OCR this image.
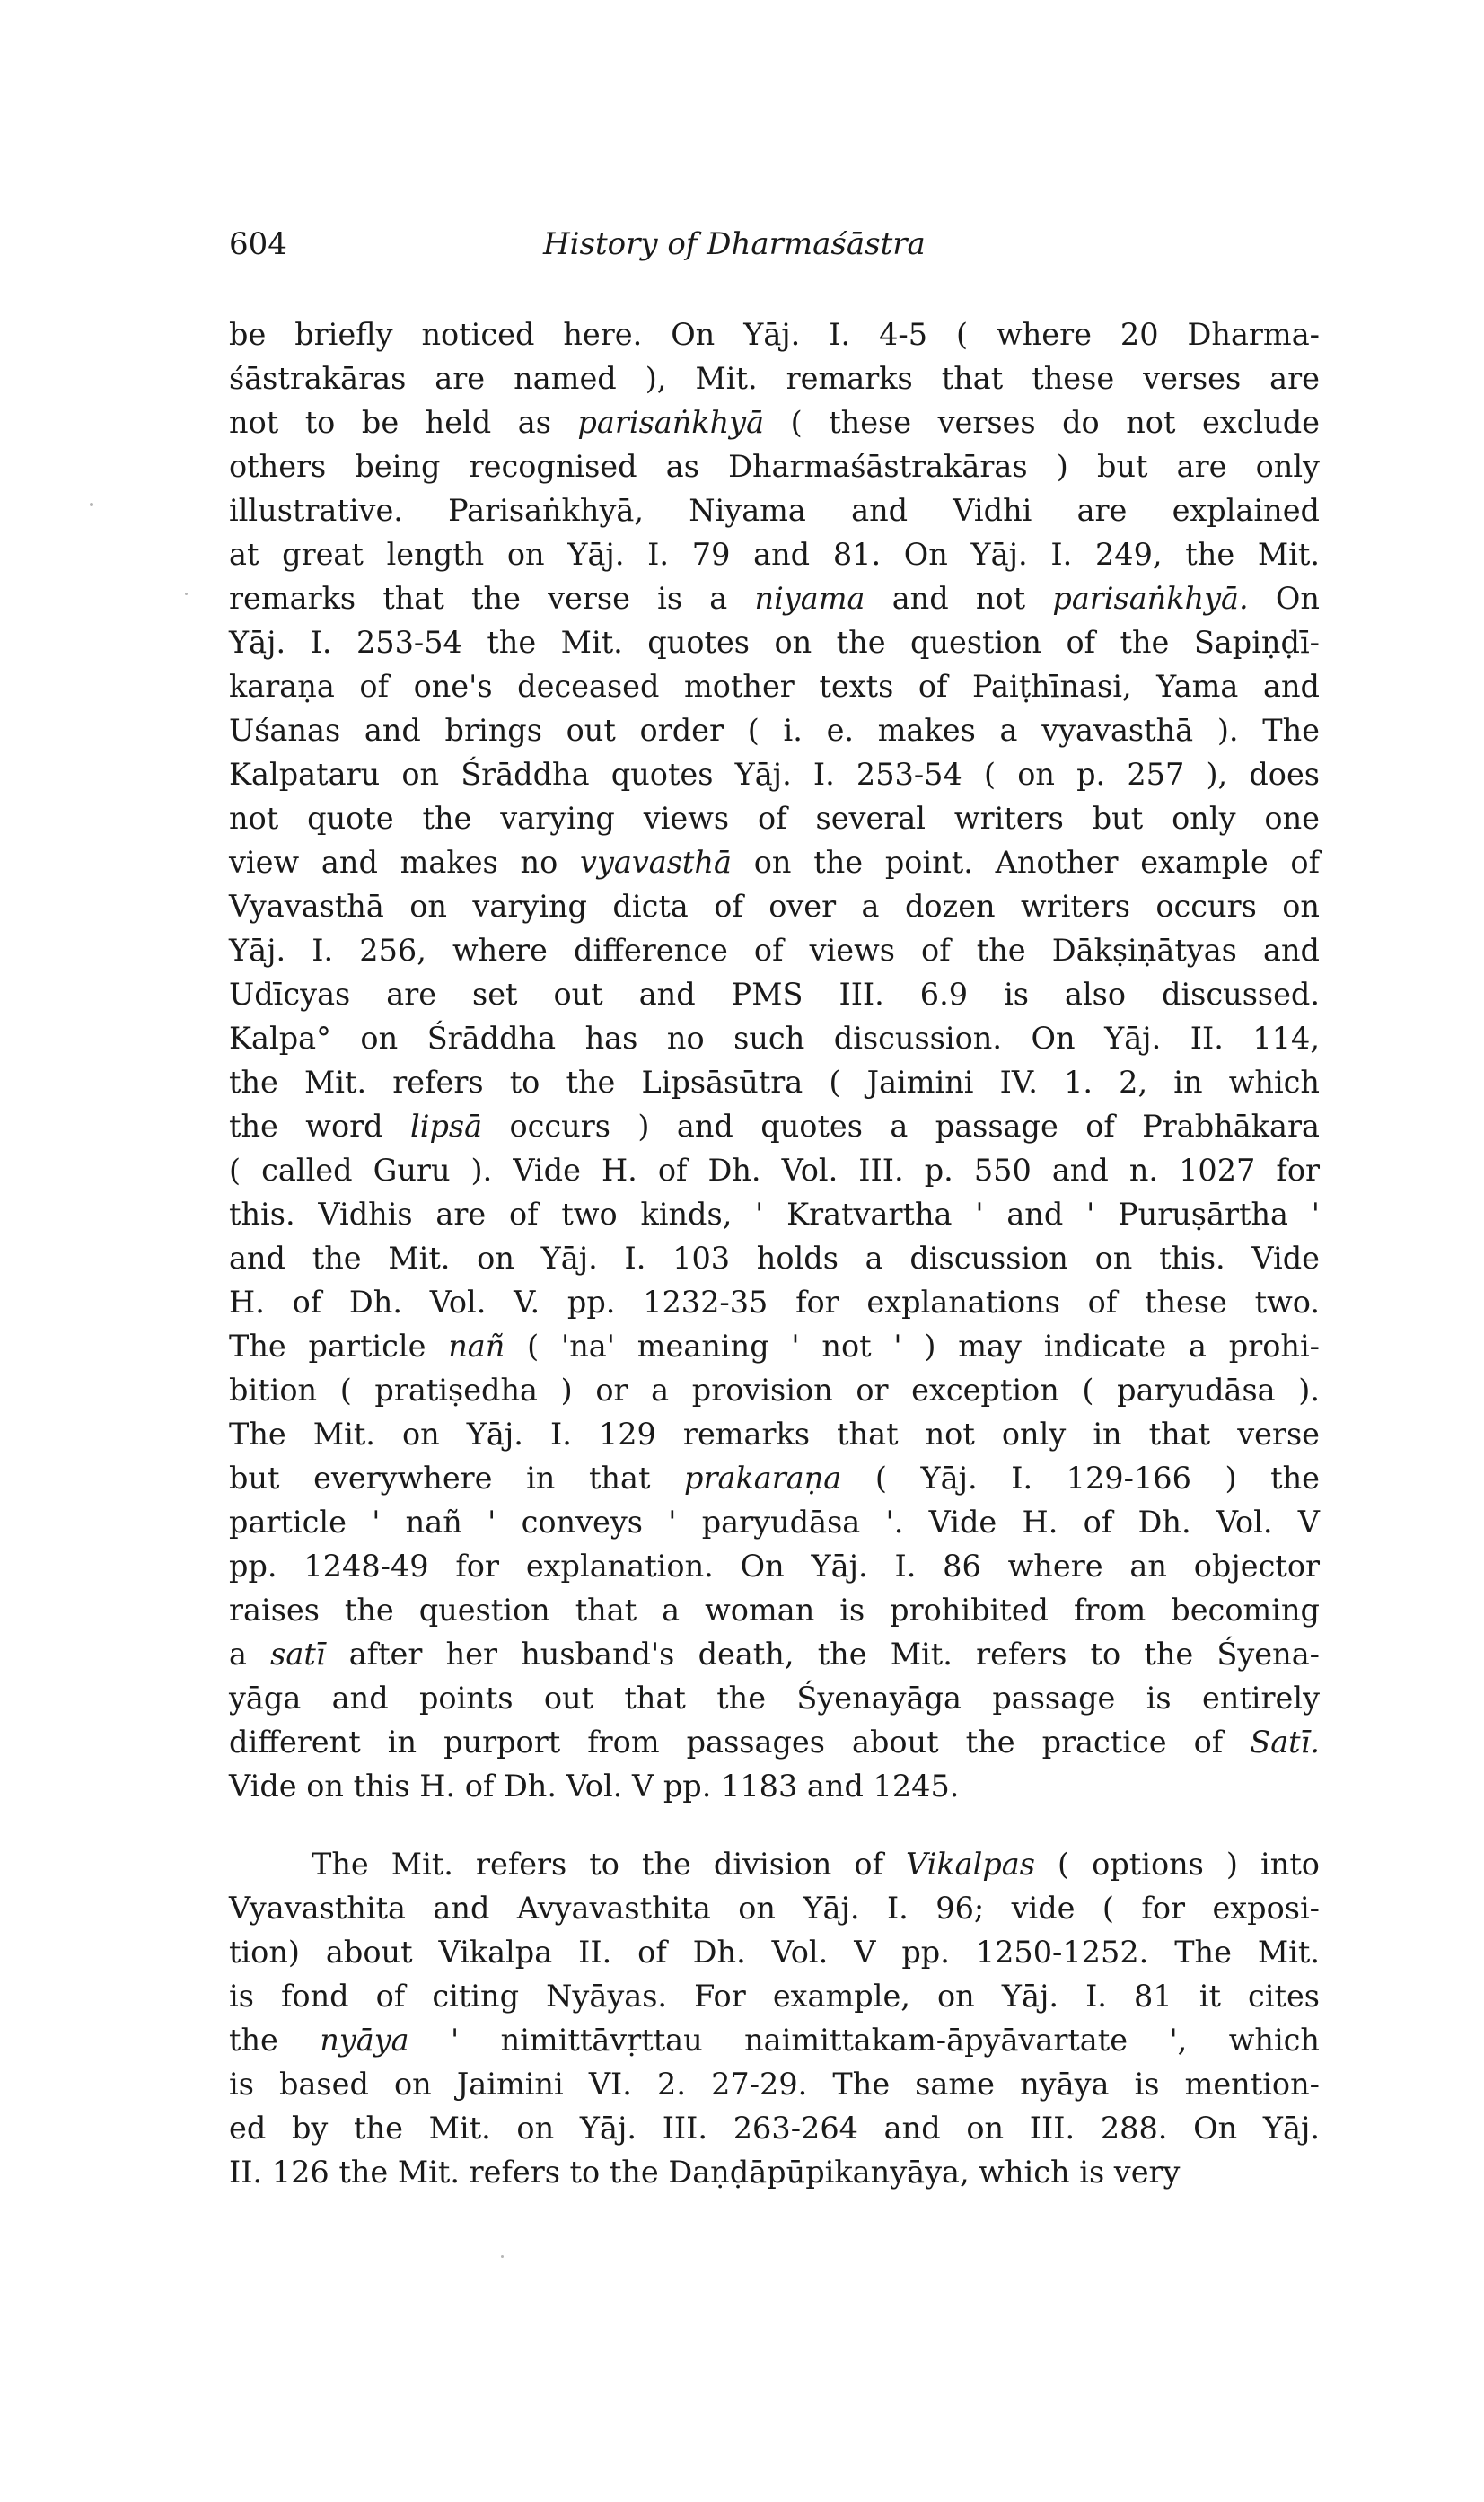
604	History of Dharmaśāstra
be briefly noticed here. On Yāj. I. 4-5 ( where 20 Dharma-
śāstrakāras are named ), Mit. remarks that these verses are
not to be held as parisaṅkhyā ( these verses do not exclude
others being recognised as Dharmaśāstrakāras ) but are only
illustrative. Parisaṅkhyā, Niyama and Vidhi are explained
at great length on Yāj. I. 79 and 81. On Yāj. I. 249, the Mit.
remarks that the verse is a niyama and not parisaṅkhyā. On
Yāj. I. 253-54 the Mit. quotes on the question of the Sapiṇḍī-
karaṇa of one's deceased mother texts of Paiṭhīnasi, Yama and
Uśanas and brings out order ( i. e. makes a vyavasthā ). The
Kalpataru on Śrāddha quotes Yāj. I. 253-54 ( on p. 257 ), does
not quote the varying views of several writers but only one
view and makes no vyavasthā on the point. Another example of
Vyavasthā on varying dicta of over a dozen writers occurs on
Yāj. I. 256, where difference of views of the Dākṣiṇātyas and
Udīcyas are set out and PMS III. 6.9 is also discussed.
Kalpa° on Śrāddha has no such discussion. On Yāj. II. 114,
the Mit. refers to the Lipsāsūtra ( Jaimini IV. 1. 2, in which
the word lipsā occurs ) and quotes a passage of Prabhākara
( called Guru ). Vide H. of Dh. Vol. III. p. 550 and n. 1027 for
this. Vidhis are of two kinds, ' Kratvartha ' and ' Puruṣārtha '
and the Mit. on Yāj. I. 103 holds a discussion on this. Vide
H. of Dh. Vol. V. pp. 1232-35 for explanations of these two.
The particle nañ ( 'na' meaning ' not ' ) may indicate a prohi-
bition ( pratiṣedha ) or a provision or exception ( paryudāsa ).
The Mit. on Yāj. I. 129 remarks that not only in that verse
but everywhere in that prakaraṇa ( Yāj. I. 129-166 ) the
particle ' nañ ' conveys ' paryudāsa '. Vide H. of Dh. Vol. V
pp. 1248-49 for explanation. On Yāj. I. 86 where an objector
raises the question that a woman is prohibited from becoming
a satī after her husband's death, the Mit. refers to the Śyena-
yāga and points out that the Śyenayāga passage is entirely
different in purport from passages about the practice of Satī.
Vide on this H. of Dh. Vol. V pp. 1183 and 1245.
The Mit. refers to the division of Vikalpas ( options ) into
Vyavasthita and Avyavasthita on Yāj. I. 96; vide ( for exposi-
tion) about Vikalpa II. of Dh. Vol. V pp. 1250-1252. The Mit.
is fond of citing Nyāyas. For example, on Yāj. I. 81 it cites
the nyāya ' nimittāvṛttau naimittakam-āpyāvartate ', which
is based on Jaimini VI. 2. 27-29. The same nyāya is mention-
ed by the Mit. on Yāj. III. 263-264 and on III. 288. On Yāj.
II. 126 the Mit. refers to the Daṇḍāpūpikanyāya, which is very
